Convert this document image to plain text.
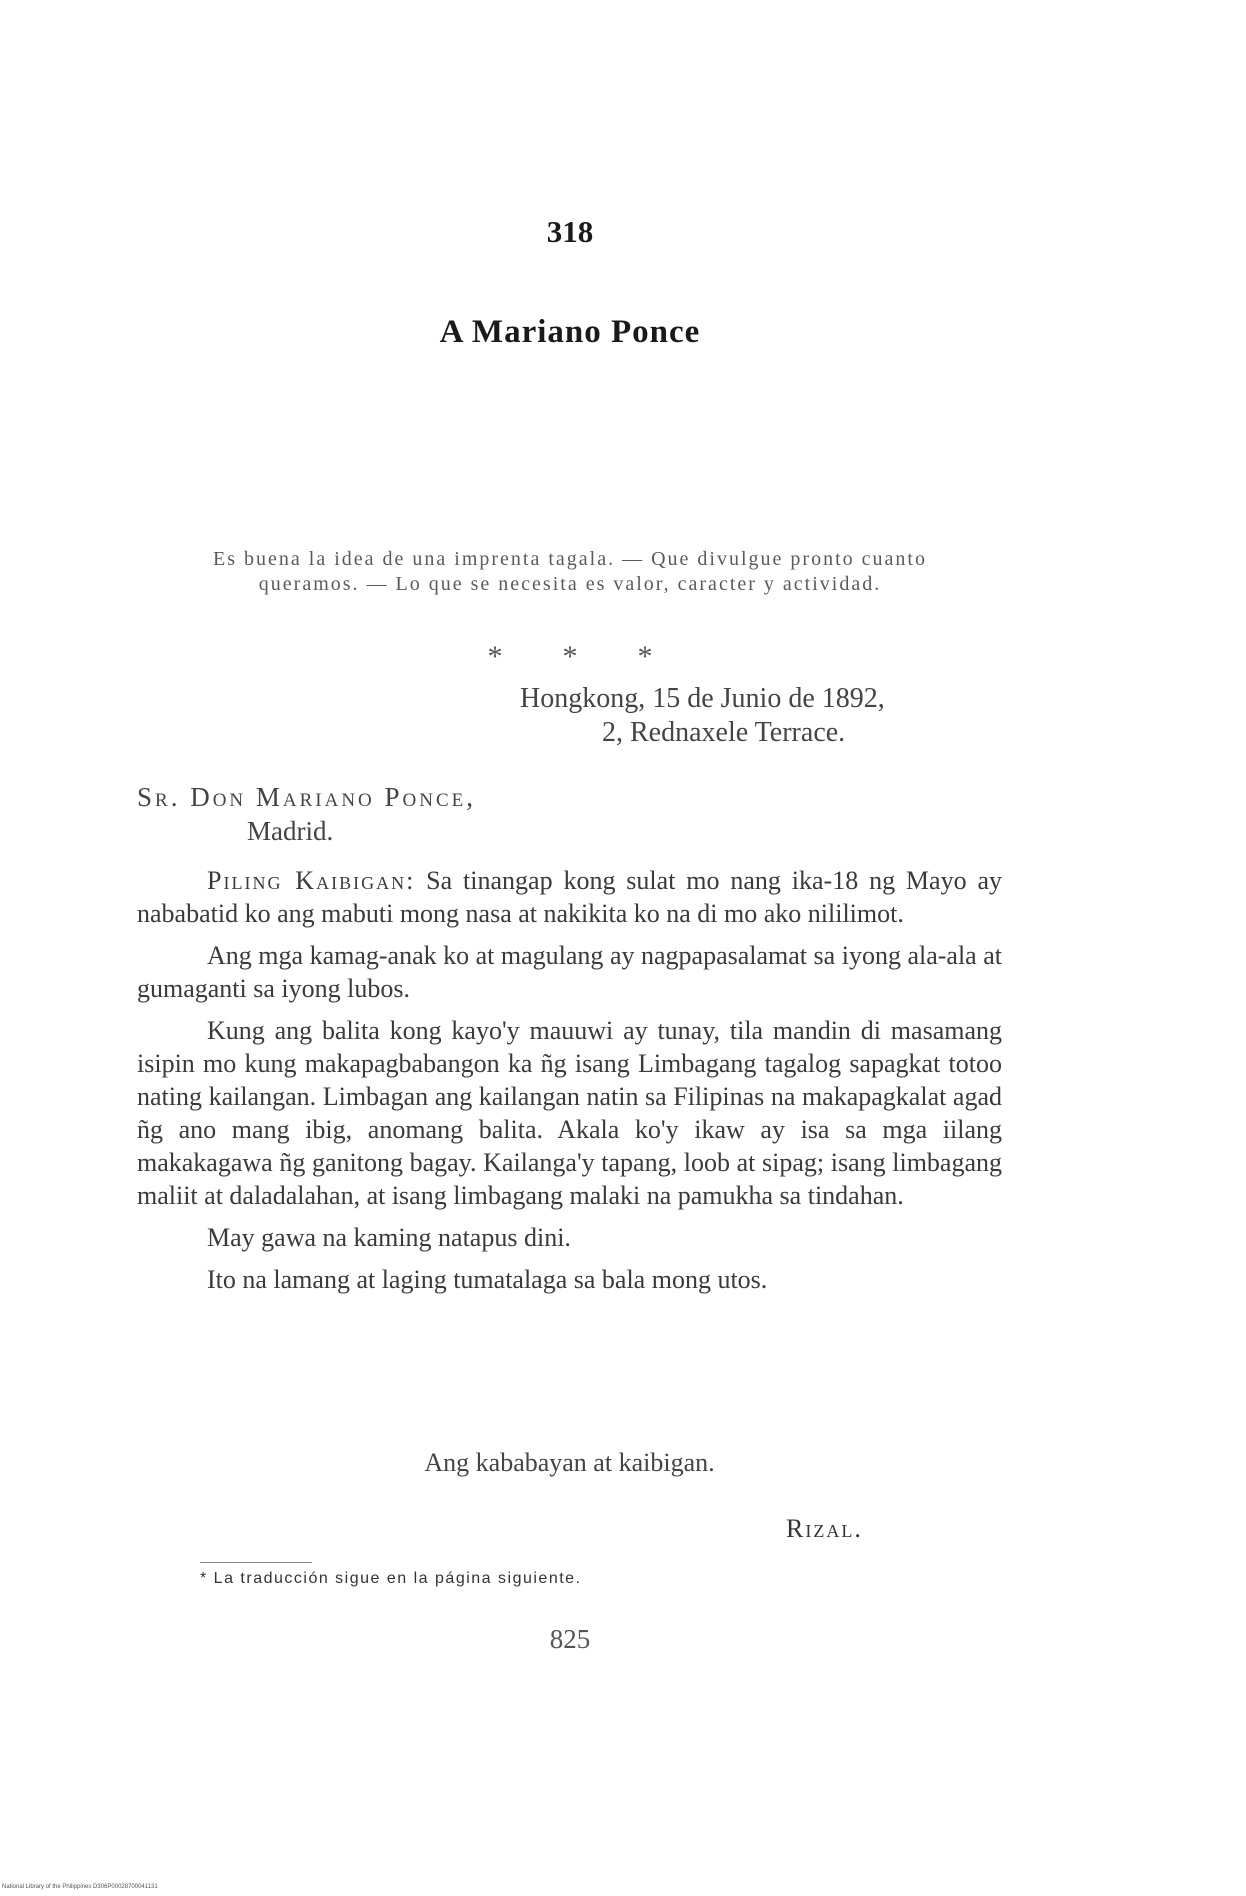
318
A Mariano Ponce
Es buena la idea de una imprenta tagala. — Que divulgue pronto cuanto queramos. — Lo que se necesita es valor, caracter y actividad.
* * *
Hongkong, 15 de Junio de 1892,
2, Rednaxele Terrace.
Sr. Don Mariano Ponce,
Madrid.

Piling Kaibigan: Sa tinangap kong sulat mo nang ika-18 ng Mayo ay nababatid ko ang mabuti mong nasa at nakikita ko na di mo ako nililimot.

Ang mga kamag-anak ko at magulang ay nagpapasalamat sa iyong ala-ala at gumaganti sa iyong lubos.

Kung ang balita kong kayo'y mauuwi ay tunay, tila mandin di masamang isipin mo kung makapagbabangon ka ñg isang Limbagang tagalog sapagkat totoo nating kailangan. Limbagan ang kailangan natin sa Filipinas na makapagkalat agad ñg ano mang ibig, anomang balita. Akala ko'y ikaw ay isa sa mga iilang makakagawa ñg ganitong bagay. Kailanga'y tapang, loob at sipag; isang limbagang maliit at daladalahan, at isang limbagang malaki na pamukha sa tindahan.

May gawa na kaming natapus dini.

Ito na lamang at laging tumatalaga sa bala mong utos.

Ang kababayan at kaibigan.
Rizal.
* La traducción sigue en la página siguiente.
825
National Library of the Philippines D306P00028700041131
